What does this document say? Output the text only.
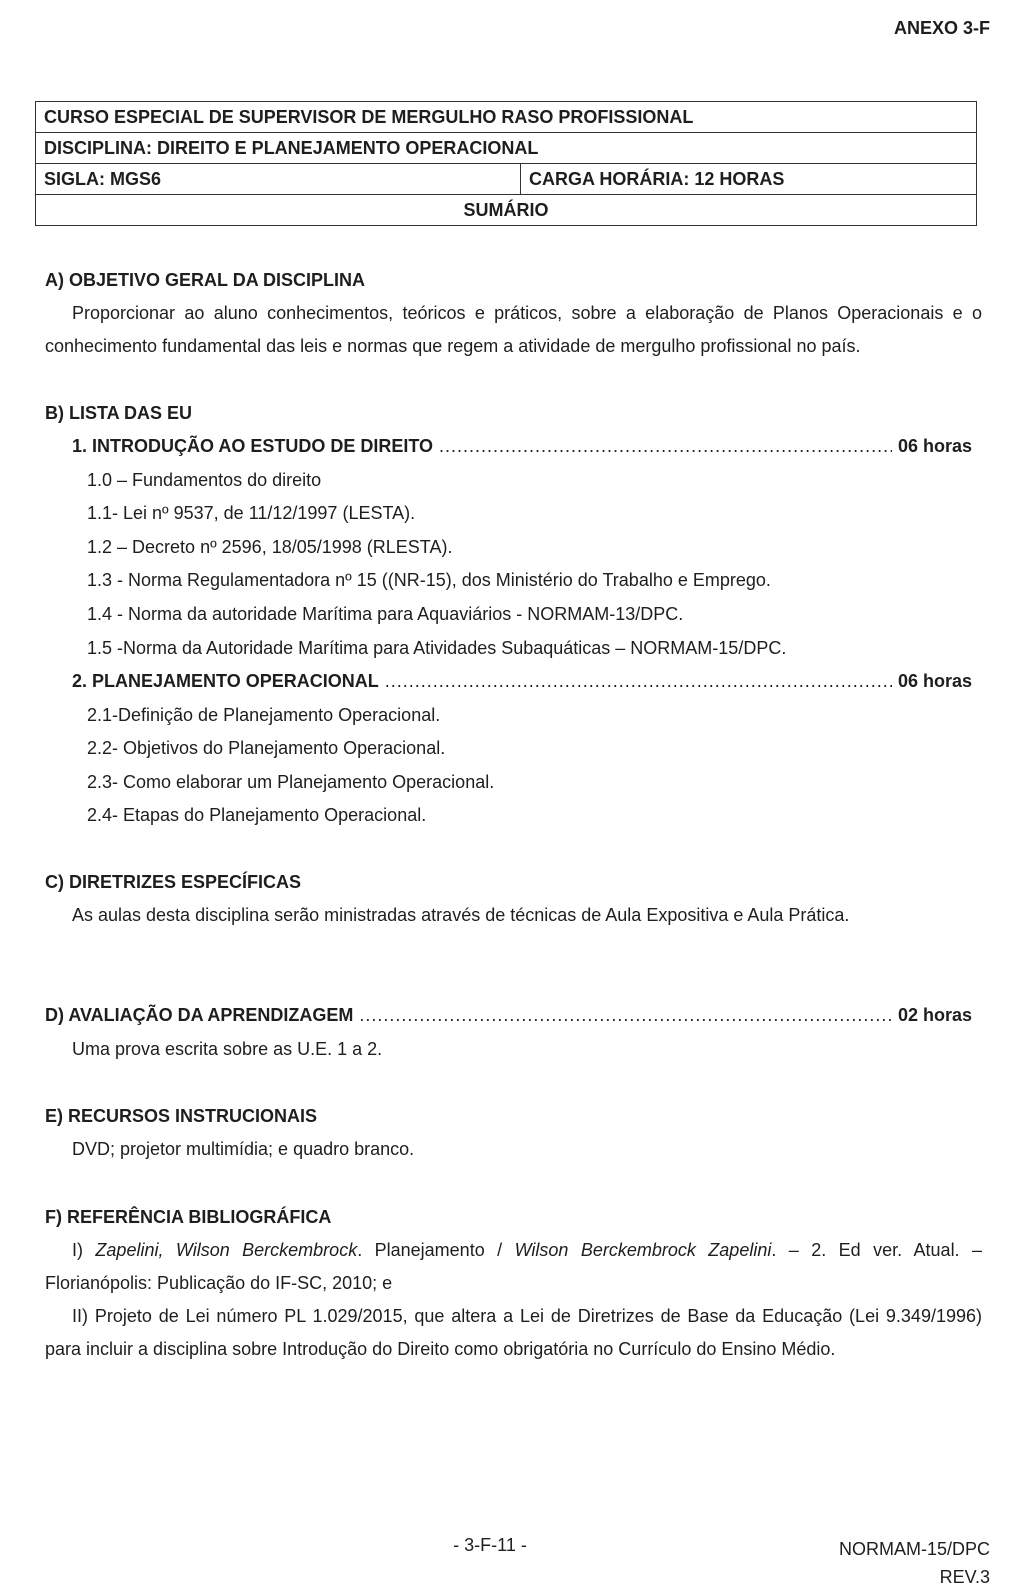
ANEXO 3-F
CURSO ESPECIAL DE SUPERVISOR DE MERGULHO RASO PROFISSIONAL
DISCIPLINA: DIREITO E PLANEJAMENTO OPERACIONAL
SIGLA: MGS6	CARGA HORÁRIA: 12 HORAS
SUMÁRIO
A) OBJETIVO GERAL DA DISCIPLINA

Proporcionar ao aluno conhecimentos, teóricos e práticos, sobre a elaboração de Planos Operacionais e o conhecimento fundamental das leis e normas que regem a atividade de mergulho profissional no país.

B) LISTA DAS EU
1. INTRODUÇÃO AO ESTUDO DE DIREITO .....	06 horas
1.0 – Fundamentos do direito
1.1- Lei nº 9537, de 11/12/1997 (LESTA).
1.2 – Decreto nº 2596, 18/05/1998 (RLESTA).
1.3 - Norma Regulamentadora nº 15 ((NR-15), dos Ministério do Trabalho e Emprego.
1.4 - Norma da autoridade Marítima para Aquaviários - NORMAM-13/DPC.
1.5 -Norma da Autoridade Marítima para Atividades Subaquáticas – NORMAM-15/DPC.
2. PLANEJAMENTO OPERACIONAL .....	06 horas
2.1-Definição de Planejamento Operacional.
2.2- Objetivos do Planejamento Operacional.
2.3- Como elaborar um Planejamento Operacional.
2.4- Etapas do Planejamento Operacional.
C) DIRETRIZES ESPECÍFICAS

As aulas desta disciplina serão ministradas através de técnicas de Aula Expositiva e Aula Prática.

D) AVALIAÇÃO DA APRENDIZAGEM .....	02 horas
Uma prova escrita sobre as U.E. 1 a 2.
E) RECURSOS INSTRUCIONAIS
DVD; projetor multimídia; e quadro branco.
F) REFERÊNCIA BIBLIOGRÁFICA

I) Zapelini, Wilson Berckembrock. Planejamento / Wilson Berckembrock Zapelini. – 2. Ed ver. Atual. – Florianópolis: Publicação do IF-SC, 2010; e

II) Projeto de Lei número PL 1.029/2015, que altera a Lei de Diretrizes de Base da Educação (Lei 9.349/1996) para incluir a disciplina sobre Introdução do Direito como obrigatória no Currículo do Ensino Médio.

- 3-F-11 -	NORMAM-15/DPC
REV.3
